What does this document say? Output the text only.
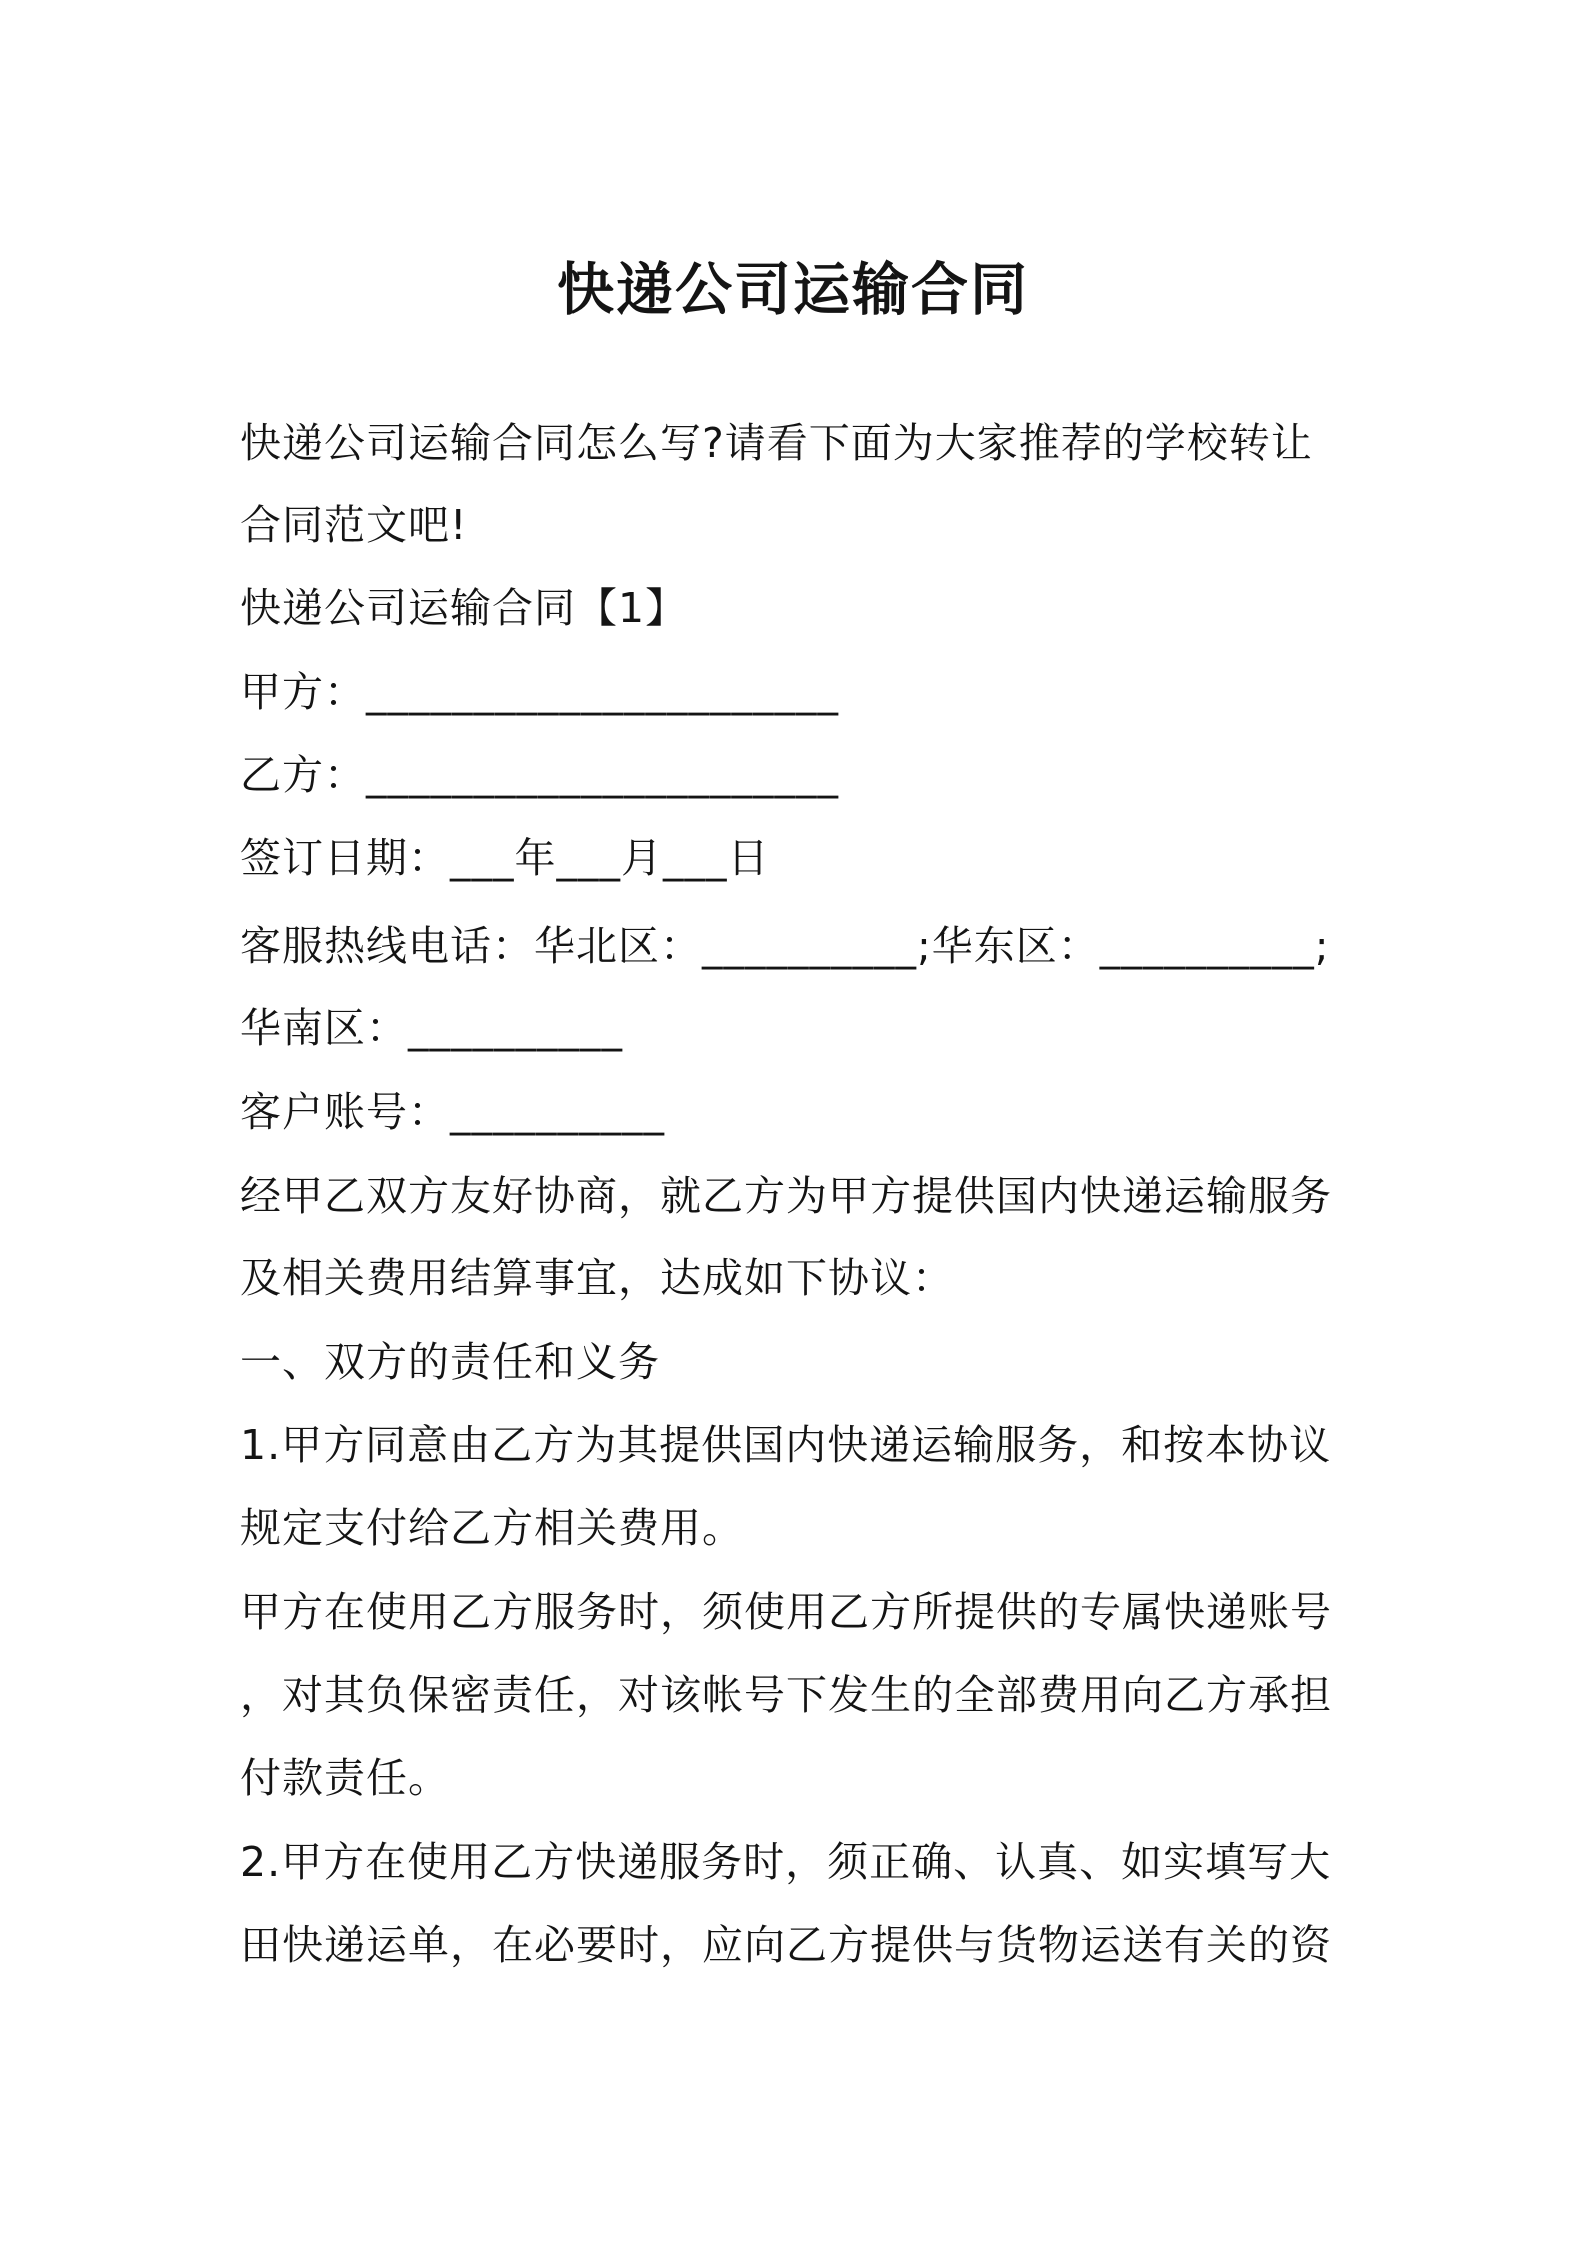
快递公司运输合同
快递公司运输合同怎么写?请看下面为大家推荐的学校转让
合同范文吧!
快递公司运输合同【1】
甲方：______________________
乙方：______________________
签订日期：___年___月___日
客服热线电话：华北区：__________;华东区：__________;
华南区：__________
客户账号：__________
经甲乙双方友好协商，就乙方为甲方提供国内快递运输服务
及相关费用结算事宜，达成如下协议：
一、双方的责任和义务
1.甲方同意由乙方为其提供国内快递运输服务，和按本协议
规定支付给乙方相关费用。
甲方在使用乙方服务时，须使用乙方所提供的专属快递账号
，对其负保密责任，对该帐号下发生的全部费用向乙方承担
付款责任。
2.甲方在使用乙方快递服务时，须正确、认真、如实填写大
田快递运单，在必要时，应向乙方提供与货物运送有关的资
